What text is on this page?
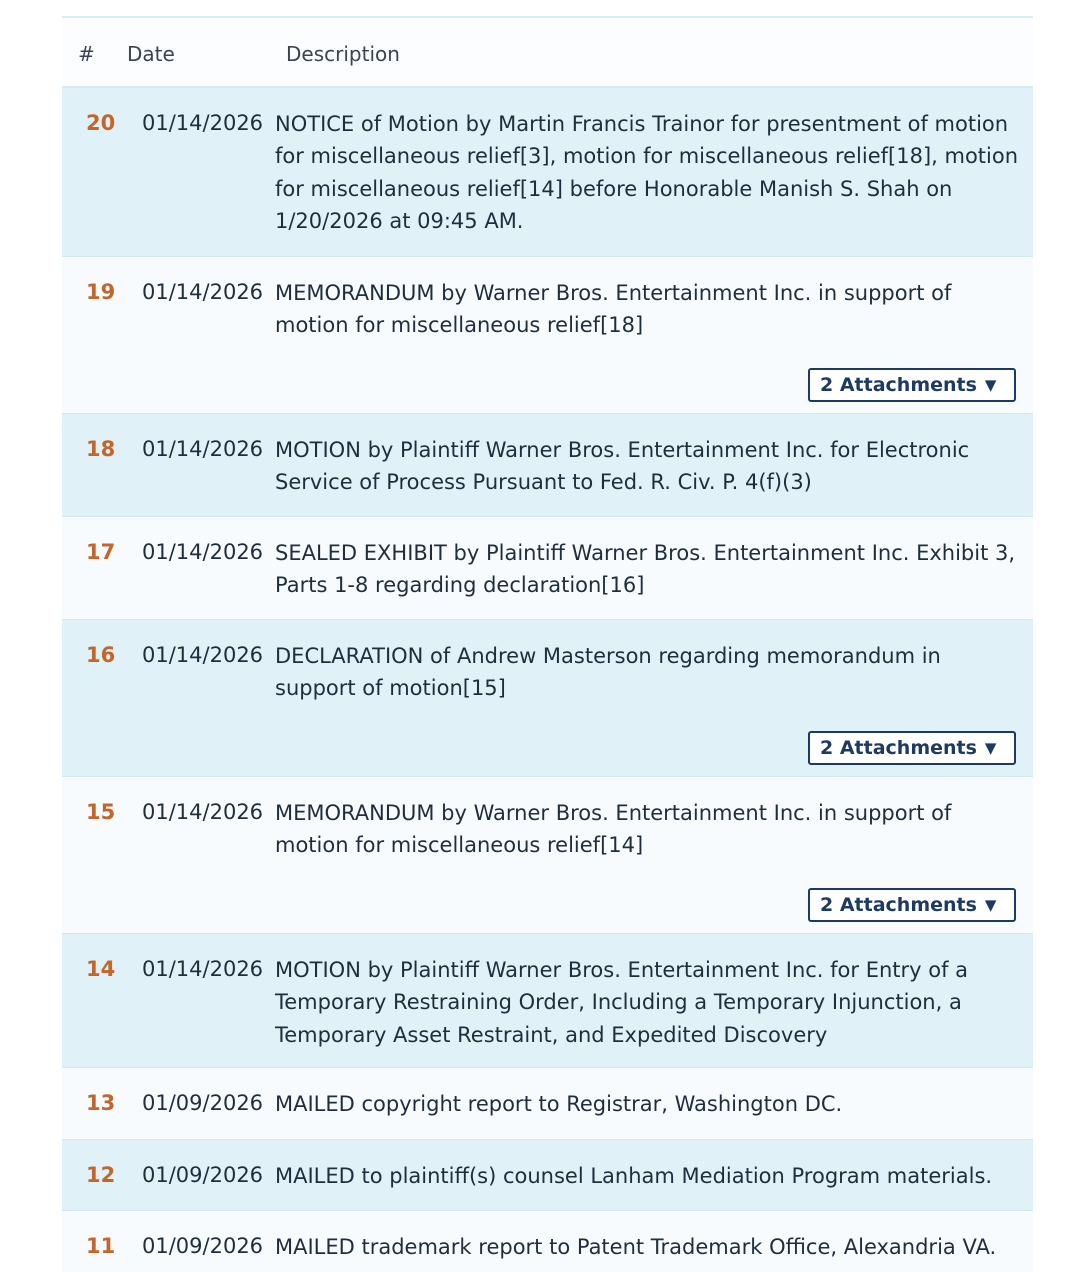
# Date	Description
20 01/14/2026 NOTICE of Motion by Martin Francis Trainor for presentment of motion for miscellaneous relief[3], motion for miscellaneous relief[18], motion for miscellaneous relief[14] before Honorable Manish S. Shah on 1/20/2026 at 09:45 AM.
19 01/14/2026 MEMORANDUM by Warner Bros. Entertainment Inc. in support of motion for miscellaneous relief[18]
2 Attachments ▼
18 01/14/2026 MOTION by Plaintiff Warner Bros. Entertainment Inc. for Electronic Service of Process Pursuant to Fed. R. Civ. P. 4(f)(3)
17 01/14/2026 SEALED EXHIBIT by Plaintiff Warner Bros. Entertainment Inc. Exhibit 3, Parts 1-8 regarding declaration[16]
16 01/14/2026 DECLARATION of Andrew Masterson regarding memorandum in support of motion[15]
2 Attachments ▼
15 01/14/2026 MEMORANDUM by Warner Bros. Entertainment Inc. in support of motion for miscellaneous relief[14]
2 Attachments ▼
14 01/14/2026 MOTION by Plaintiff Warner Bros. Entertainment Inc. for Entry of a Temporary Restraining Order, Including a Temporary Injunction, a Temporary Asset Restraint, and Expedited Discovery
13 01/09/2026 MAILED copyright report to Registrar, Washington DC.
12 01/09/2026 MAILED to plaintiff(s) counsel Lanham Mediation Program materials.
11 01/09/2026 MAILED trademark report to Patent Trademark Office, Alexandria VA.
